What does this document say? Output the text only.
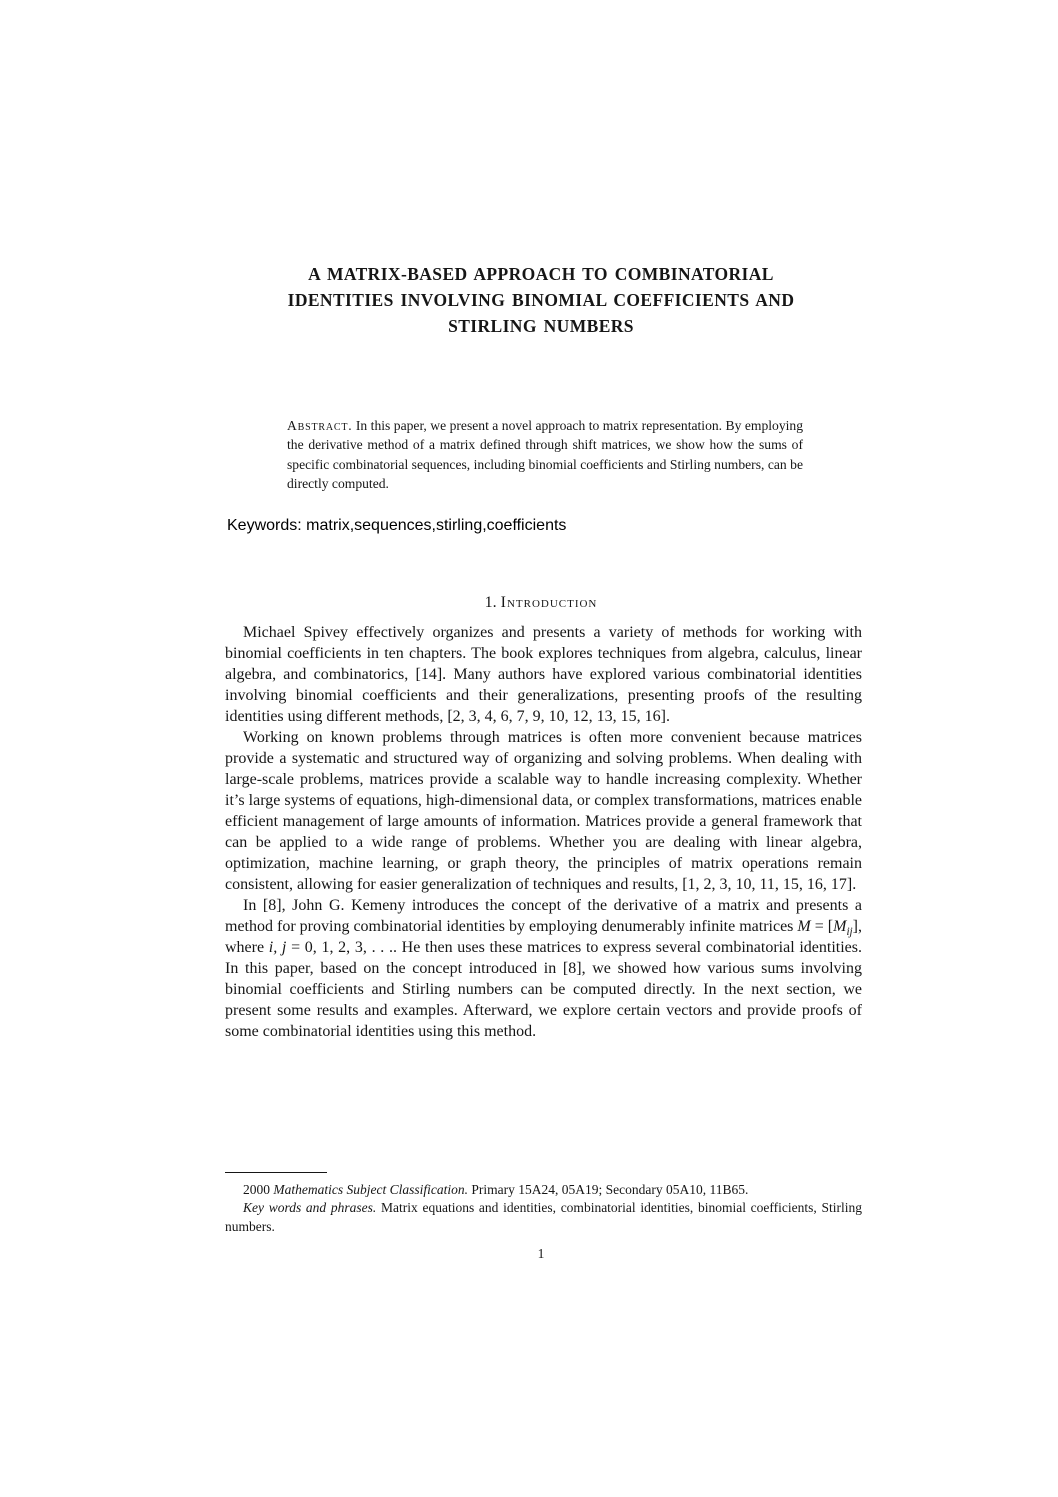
A MATRIX-BASED APPROACH TO COMBINATORIAL
IDENTITIES INVOLVING BINOMIAL COEFFICIENTS AND
STIRLING NUMBERS
Abstract. In this paper, we present a novel approach to matrix representation. By employing the derivative method of a matrix defined through shift matrices, we show how the sums of specific combinatorial sequences, including binomial coefficients and Stirling numbers, can be directly computed.
Keywords: matrix,sequences,stirling,coefficients
1. Introduction

Michael Spivey effectively organizes and presents a variety of methods for working with binomial coefficients in ten chapters. The book explores techniques from algebra, calculus, linear algebra, and combinatorics, [14]. Many authors have explored various combinatorial identities involving binomial coefficients and their generalizations, presenting proofs of the resulting identities using different methods, [2, 3, 4, 6, 7, 9, 10, 12, 13, 15, 16].

Working on known problems through matrices is often more convenient because matrices provide a systematic and structured way of organizing and solving problems. When dealing with large-scale problems, matrices provide a scalable way to handle increasing complexity. Whether it’s large systems of equations, high-dimensional data, or complex transformations, matrices enable efficient management of large amounts of information. Matrices provide a general framework that can be applied to a wide range of problems. Whether you are dealing with linear algebra, optimization, machine learning, or graph theory, the principles of matrix operations remain consistent, allowing for easier generalization of techniques and results, [1, 2, 3, 10, 11, 15, 16, 17].

In [8], John G. Kemeny introduces the concept of the derivative of a matrix and presents a method for proving combinatorial identities by employing denumerably infinite matrices $M = [M_{ij}]$, where i, j = 0, 1, 2, 3, . . .. He then uses these matrices to express several combinatorial identities. In this paper, based on the concept introduced in [8], we showed how various sums involving binomial coefficients and Stirling numbers can be computed directly. In the next section, we present some results and examples. Afterward, we explore certain vectors and provide proofs of some combinatorial identities using this method.

2000 Mathematics Subject Classification. Primary 15A24, 05A19; Secondary 05A10, 11B65.

Key words and phrases. Matrix equations and identities, combinatorial identities, binomial coefficients, Stirling numbers.

1
